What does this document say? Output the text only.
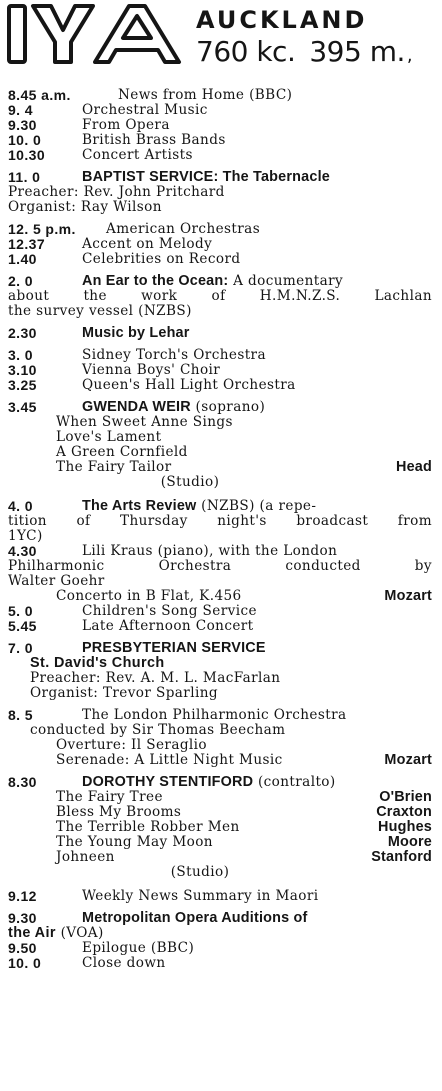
AUCKLAND
760 kc. 395 m. ,
8.45 a.m.	News from Home (BBC)
9. 4	Orchestral Music
9.30	From Opera
10. 0	British Brass Bands
10.30	Concert Artists
11. 0	BAPTIST SERVICE: The Tabernacle
Preacher: Rev. John Pritchard
Organist: Ray Wilson
12. 5 p.m. American Orchestras
12.37	Accent on Melody
1.40	Celebrities on Record
2. 0	An Ear to the Ocean: A documentary
about the work of H.M.N.Z.S. Lachlan
the survey vessel (NZBS)
2.30	Music by Lehar
3. 0	Sidney Torch's Orchestra
3.10	Vienna Boys' Choir
3.25	Queen's Hall Light Orchestra
3.45	GWENDA WEIR (soprano)
When Sweet Anne Sings
Love's Lament
A Green Cornfield
The Fairy Tailor	Head
(Studio)
4. 0	The Arts Review (NZBS) (a repe-
tition of Thursday night's broadcast from
1YC)
4.30	Lili Kraus (piano), with the London
Philharmonic Orchestra conducted by
Walter Goehr
Concerto in B Flat, K.456	Mozart
5. 0	Children's Song Service
5.45	Late Afternoon Concert
7. 0	PRESBYTERIAN SERVICE
St. David's Church
Preacher: Rev. A. M. L. MacFarlan
Organist: Trevor Sparling
8. 5	The London Philharmonic Orchestra
conducted by Sir Thomas Beecham
Overture: Il Seraglio
Serenade: A Little Night Music	Mozart
8.30	DOROTHY STENTIFORD (contralto)
The Fairy Tree	O'Brien
Bless My Brooms	Craxton
The Terrible Robber Men	Hughes
The Young May Moon	Moore
Johneen	Stanford
(Studio)
9.12	Weekly News Summary in Maori
9.30	Metropolitan Opera Auditions of
the Air (VOA)
9.50	Epilogue (BBC)
10. 0	Close down
